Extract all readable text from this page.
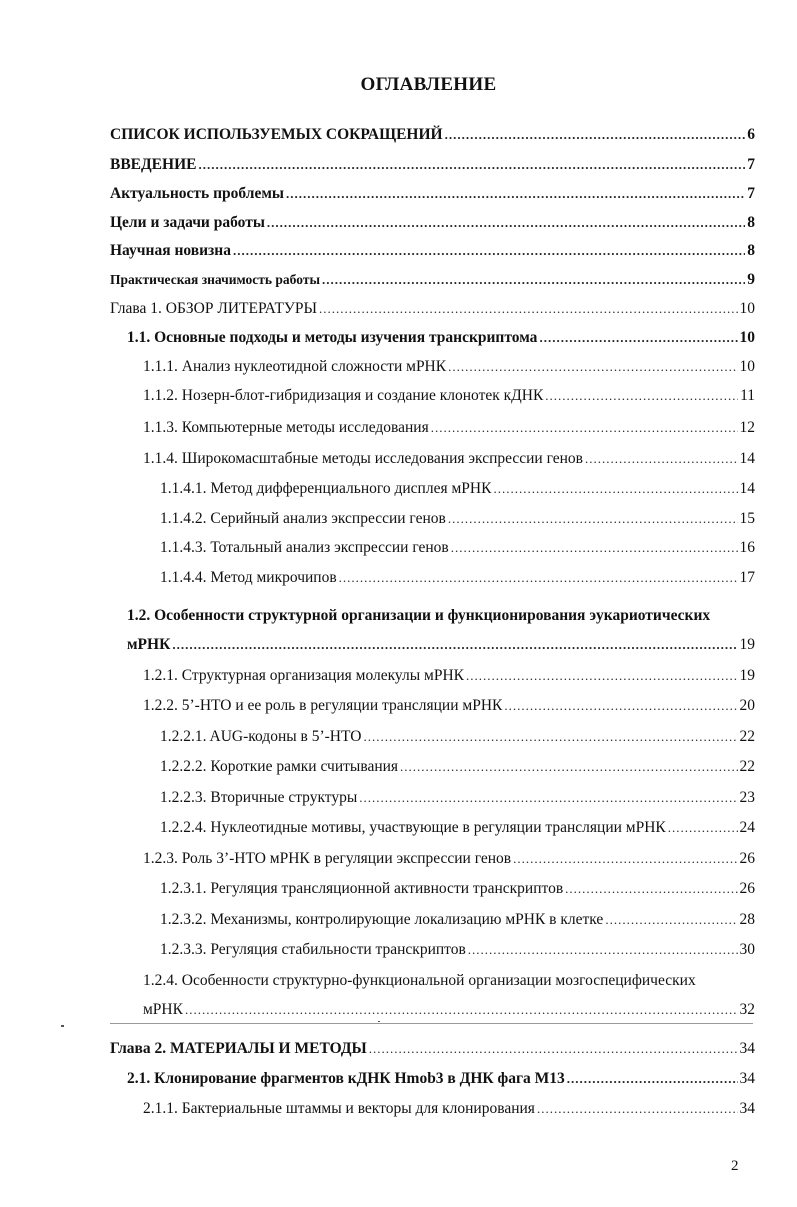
ОГЛАВЛЕНИЕ
СПИСОК ИСПОЛЬЗУЕМЫХ СОКРАЩЕНИЙ .....	6
ВВЕДЕНИЕ .....	7
Актуальность проблемы .....	7
Цели и задачи работы .....	8
Научная новизна .....	8
Практическая значимость работы .....	9
Глава 1. ОБЗОР ЛИТЕРАТУРЫ .....	10
1.1. Основные подходы и методы изучения транскриптома .....	10
1.1.1. Анализ нуклеотидной сложности мРНК .....	10
1.1.2. Нозерн-блот-гибридизация и создание клонотек кДНК .....	11
1.1.3. Компьютерные методы исследования .....	12
1.1.4. Широкомасштабные методы исследования экспрессии генов .....	14
1.1.4.1. Метод дифференциального дисплея мРНК .....	14
1.1.4.2. Серийный анализ экспрессии генов .....	15
1.1.4.3. Тотальный анализ экспрессии генов .....	16
1.1.4.4. Метод микрочипов .....	17
1.2. Особенности структурной организации и функционирования эукариотических
мРНК .....	19
1.2.1. Структурная организация молекулы мРНК .....	19
1.2.2. 5’-НТО и ее роль в регуляции трансляции мРНК .....	20
1.2.2.1. AUG-кодоны в 5’-НТО .....	22
1.2.2.2. Короткие рамки считывания .....	22
1.2.2.3. Вторичные структуры .....	23
1.2.2.4. Нуклеотидные мотивы, участвующие в регуляции трансляции мРНК .....	24
1.2.3. Роль 3’-НТО мРНК в регуляции экспрессии генов .....	26
1.2.3.1. Регуляция трансляционной активности транскриптов .....	26
1.2.3.2. Механизмы, контролирующие локализацию мРНК в клетке .....	28
1.2.3.3. Регуляция стабильности транскриптов .....	30
1.2.4. Особенности структурно-функциональной организации мозгоспецифических
мРНК .....	32
Глава 2. МАТЕРИАЛЫ И МЕТОДЫ .....	34
2.1. Клонирование фрагментов кДНК Hmob3 в ДНК фага М13 .....	34
2.1.1. Бактериальные штаммы и векторы для клонирования .....	34
2
